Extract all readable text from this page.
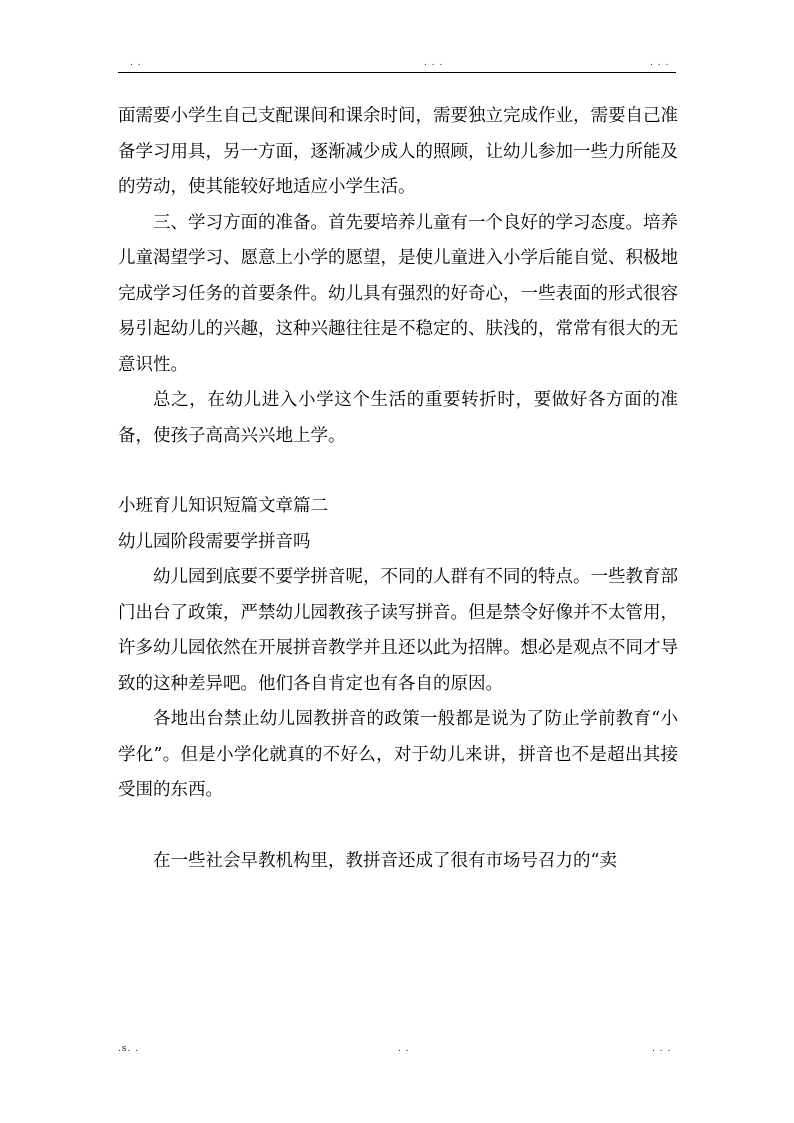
. .	. . .	. . .

面需要小学生自己支配课间和课余时间，需要独立完成作业，需要自己准备学习用具，另一方面，逐渐减少成人的照顾，让幼儿参加一些力所能及的劳动，使其能较好地适应小学生活。

三、学习方面的准备。首先要培养儿童有一个良好的学习态度。培养儿童渴望学习、愿意上小学的愿望，是使儿童进入小学后能自觉、积极地完成学习任务的首要条件。幼儿具有强烈的好奇心，一些表面的形式很容易引起幼儿的兴趣，这种兴趣往往是不稳定的、肤浅的，常常有很大的无意识性。

总之，在幼儿进入小学这个生活的重要转折时，要做好各方面的准备，使孩子高高兴兴地上学。

小班育儿知识短篇文章篇二
幼儿园阶段需要学拼音吗

幼儿园到底要不要学拼音呢，不同的人群有不同的特点。一些教育部门出台了政策，严禁幼儿园教孩子读写拼音。但是禁令好像并不太管用，许多幼儿园依然在开展拼音教学并且还以此为招牌。想必是观点不同才导致的这种差异吧。他们各自肯定也有各自的原因。

各地出台禁止幼儿园教拼音的政策一般都是说为了防止学前教育“小学化”。但是小学化就真的不好么，对于幼儿来讲，拼音也不是超出其接受围的东西。

在一些社会早教机构里，教拼音还成了很有市场号召力的“卖

.s. .	. .	. . .
